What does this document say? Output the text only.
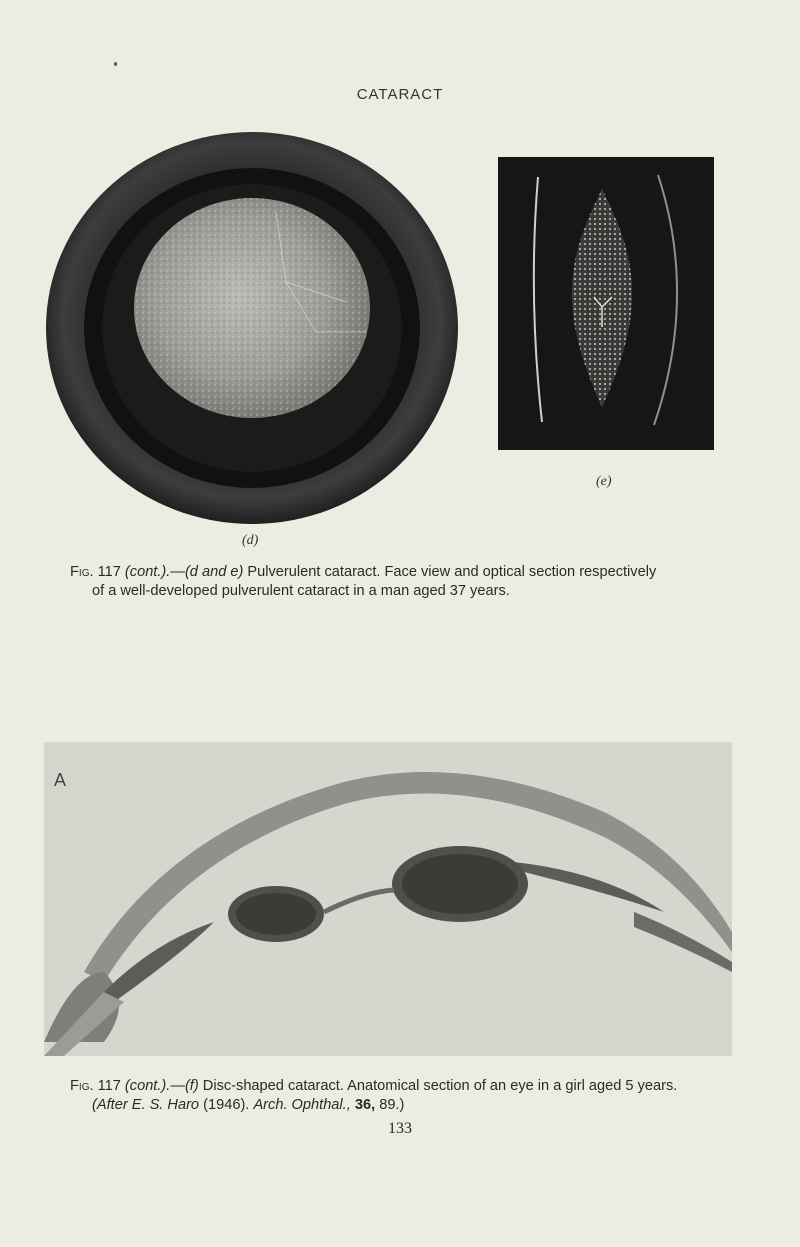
CATARACT
(e)
(d)
Fig. 117 (cont.).—(d and e) Pulverulent cataract. Face view and optical section respectively
of a well-developed pulverulent cataract in a man aged 37 years.
A
Fig. 117 (cont.).—(f) Disc-shaped cataract. Anatomical section of an eye in a girl aged 5 years.
(After E. S. Haro (1946). Arch. Ophthal., 36, 89.)
133
